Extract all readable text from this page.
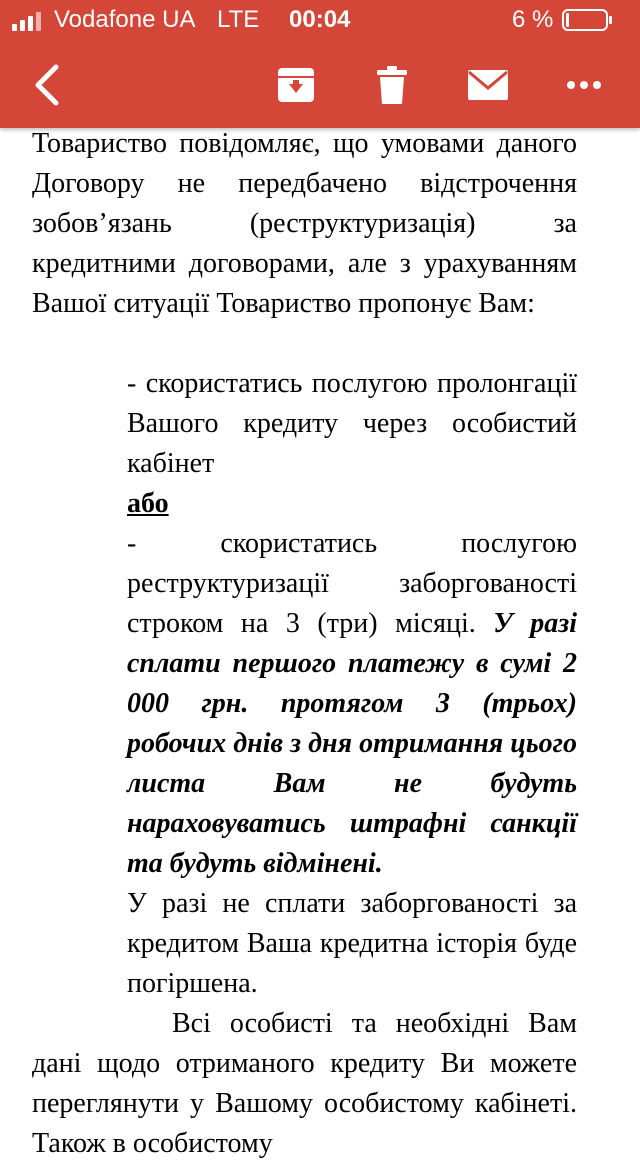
Vodafone UA LTE 00:04	6 %

Товариство повідомляє, що умовами даного Договору не передбачено відстрочення зобов’язань (реструктуризація) за кредитними договорами, але з урахуванням Вашої ситуації Товариство пропонує Вам:

- скористатись послугою пролонгації Вашого кредиту через особистий кабінет

або

- скористатись послугою реструктуризації заборгованості строком на 3 (три) місяці. У разі сплати першого платежу в сумі 2 000 грн. протягом 3 (трьох) робочих днів з дня отримання цього листа Вам не будуть нараховуватись штрафні санкції та будуть відмінені.

У разі не сплати заборгованості за кредитом Ваша кредитна історія буде погіршена.

Всі особисті та необхідні Вам дані щодо отриманого кредиту Ви можете переглянути у Вашому особистому кабінеті. Також в особистому
